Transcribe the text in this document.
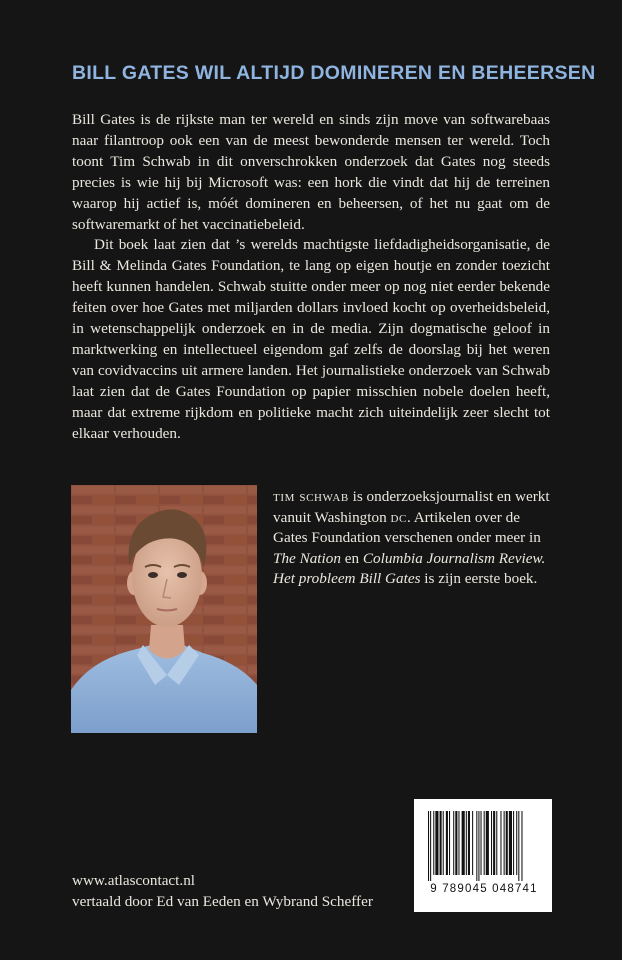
BILL GATES WIL ALTIJD DOMINEREN EN BEHEERSEN

Bill Gates is de rijkste man ter wereld en sinds zijn move van softwarebaas naar filantroop ook een van de meest bewonderde mensen ter wereld. Toch toont Tim Schwab in dit onverschrokken onderzoek dat Gates nog steeds precies is wie hij bij Microsoft was: een hork die vindt dat hij de terreinen waarop hij actief is, móét domineren en beheersen, of het nu gaat om de softwaremarkt of het vaccinatiebeleid.

Dit boek laat zien dat ’s werelds machtigste liefdadigheidsorganisatie, de Bill & Melinda Gates Foundation, te lang op eigen houtje en zonder toezicht heeft kunnen handelen. Schwab stuitte onder meer op nog niet eerder bekende feiten over hoe Gates met miljarden dollars invloed kocht op overheidsbeleid, in wetenschappelijk onderzoek en in de media. Zijn dogmatische geloof in marktwerking en intellectueel eigendom gaf zelfs de doorslag bij het weren van covidvaccins uit armere landen. Het journalistieke onderzoek van Schwab laat zien dat de Gates Foundation op papier misschien nobele doelen heeft, maar dat extreme rijkdom en politieke macht zich uiteindelijk zeer slecht tot elkaar verhouden.

tim schwab is onderzoeksjournalist en werkt vanuit Washington dc. Artikelen over de Gates Foundation verschenen onder meer in The Nation en Columbia Journalism Review. Het probleem Bill Gates is zijn eerste boek.
9 789045 048741
www.atlascontact.nl
vertaald door Ed van Eeden en Wybrand Scheffer
